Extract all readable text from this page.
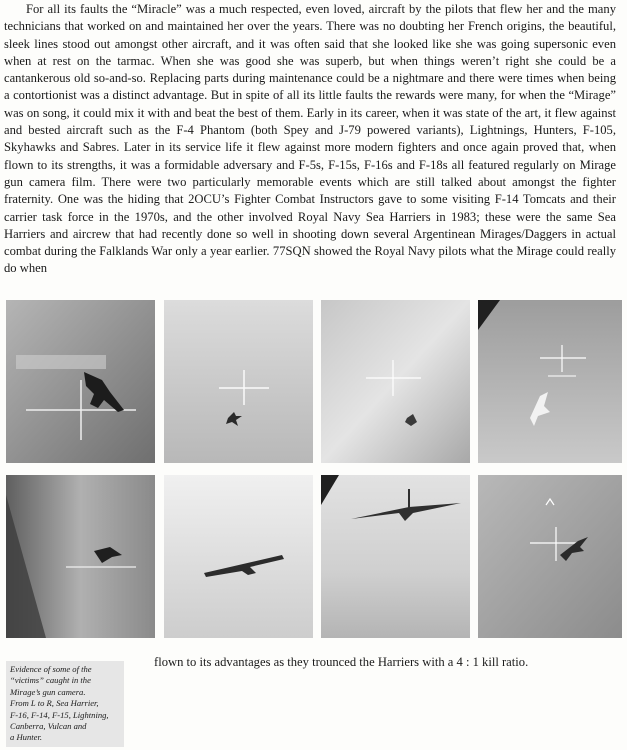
For all its faults the “Miracle” was a much respected, even loved, aircraft by the pilots that flew her and the many technicians that worked on and maintained her over the years. There was no doubting her French origins, the beautiful, sleek lines stood out amongst other aircraft, and it was often said that she looked like she was going supersonic even when at rest on the tarmac. When she was good she was superb, but when things weren’t right she could be a cantankerous old so-and-so. Replacing parts during maintenance could be a nightmare and there were times when being a contortionist was a distinct advantage. But in spite of all its little faults the rewards were many, for when the “Mirage” was on song, it could mix it with and beat the best of them. Early in its career, when it was state of the art, it flew against and bested aircraft such as the F-4 Phantom (both Spey and J-79 powered variants), Lightnings, Hunters, F-105, Skyhawks and Sabres. Later in its service life it flew against more modern fighters and once again proved that, when flown to its strengths, it was a formidable adversary and F-5s, F-15s, F-16s and F-18s all featured regularly on Mirage gun camera film. There were two particularly memorable events which are still talked about amongst the fighter fraternity. One was the hiding that 2OCU’s Fighter Combat Instructors gave to some visiting F-14 Tomcats and their carrier task force in the 1970s, and the other involved Royal Navy Sea Harriers in 1983; these were the same Sea Harriers and aircrew that had recently done so well in shooting down several Argentinean Mirages/Daggers in actual combat during the Falklands War only a year earlier. 77SQN showed the Royal Navy pilots what the Mirage could really do when

flown to its advantages as they trounced the Harriers with a 4 : 1 kill ratio.
Evidence of some of the
“victims” caught in the
Mirage’s gun camera.
From L to R, Sea Harrier,
F-16, F-14, F-15, Lightning,
Canberra, Vulcan and
a Hunter.
